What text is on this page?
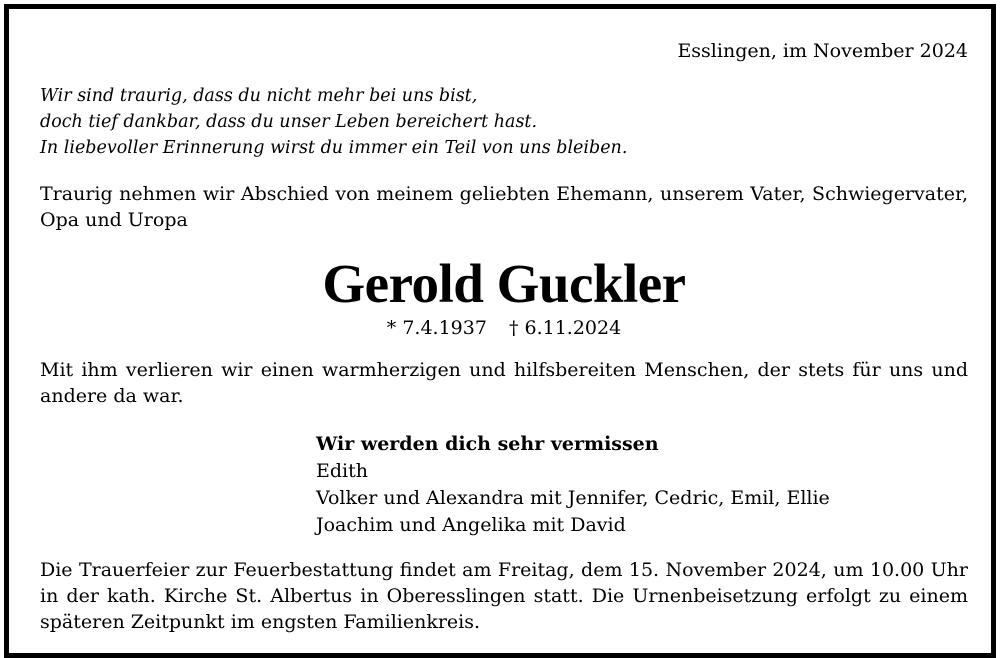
Esslingen, im November 2024
Wir sind traurig, dass du nicht mehr bei uns bist,
doch tief dankbar, dass du unser Leben bereichert hast.
In liebevoller Erinnerung wirst du immer ein Teil von uns bleiben.
Traurig nehmen wir Abschied von meinem geliebten Ehemann, unserem Vater, Schwiegervater, Opa und Uropa
Gerold Guckler
* 7.4.1937 † 6.11.2024
Mit ihm verlieren wir einen warmherzigen und hilfsbereiten Menschen, der stets für uns und andere da war.
Wir werden dich sehr vermissen
Edith
Volker und Alexandra mit Jennifer, Cedric, Emil, Ellie
Joachim und Angelika mit David
Die Trauerfeier zur Feuerbestattung findet am Freitag, dem 15. November 2024, um 10.00 Uhr in der kath. Kirche St. Albertus in Oberesslingen statt. Die Urnenbeisetzung erfolgt zu einem späteren Zeitpunkt im engsten Familienkreis.
